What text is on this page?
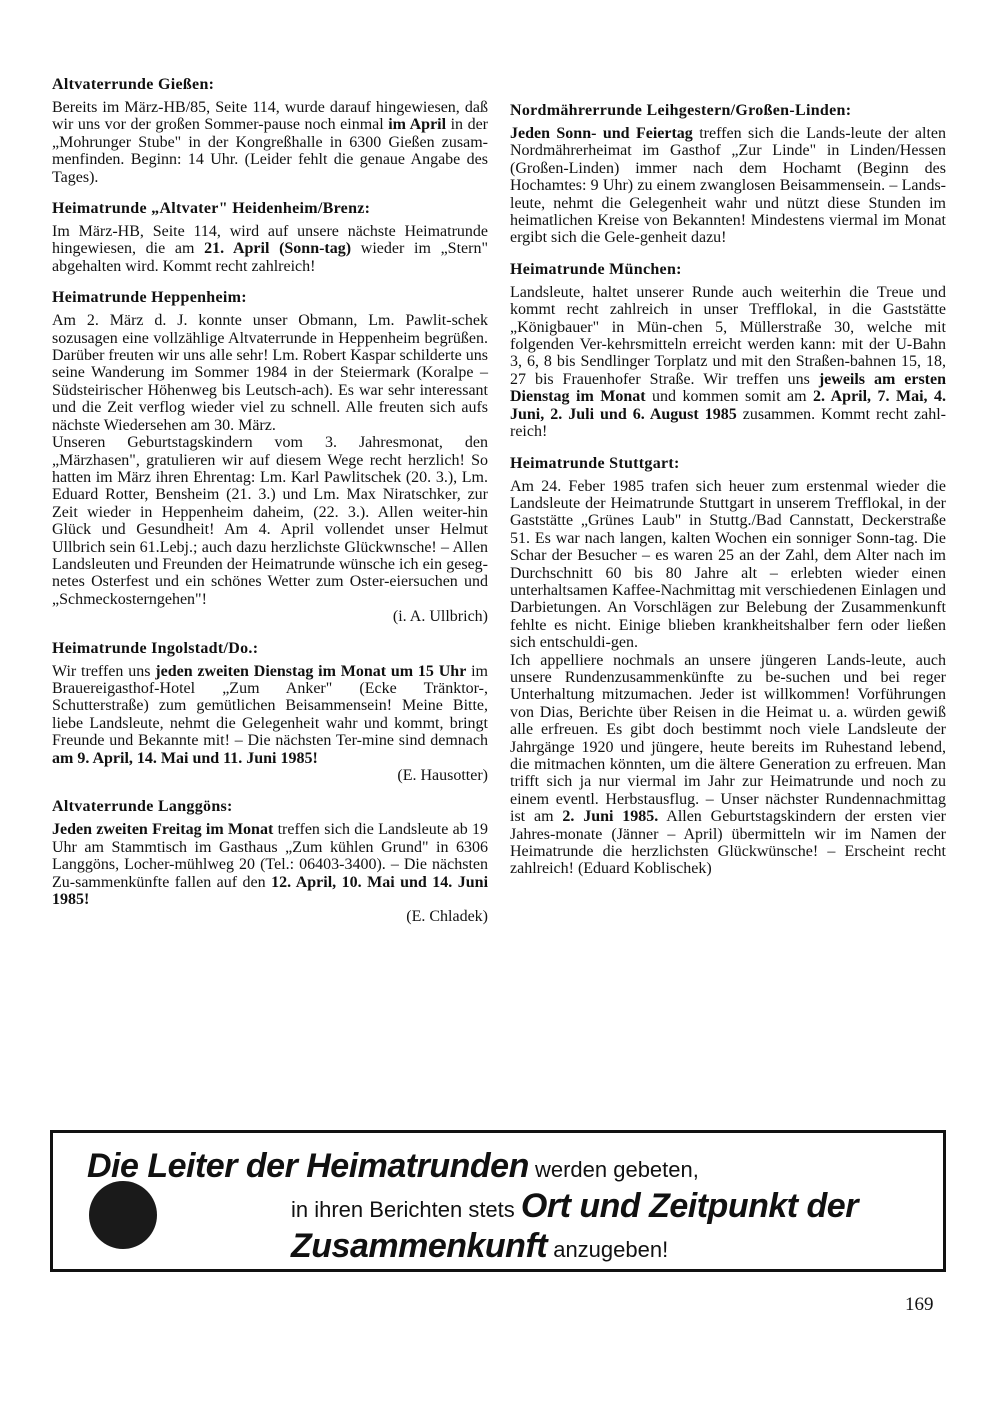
Altvaterrunde Gießen:

Bereits im März-HB/85, Seite 114, wurde darauf hingewiesen, daß wir uns vor der großen Sommer-pause noch einmal im April in der „Mohrunger Stube" in der Kongreßhalle in 6300 Gießen zusam-menfinden. Beginn: 14 Uhr. (Leider fehlt die genaue Angabe des Tages).

Heimatrunde „Altvater" Heidenheim/Brenz:

Im März-HB, Seite 114, wird auf unsere nächste Heimatrunde hingewiesen, die am 21. April (Sonn-tag) wieder im „Stern" abgehalten wird. Kommt recht zahlreich!

Heimatrunde Heppenheim:

Am 2. März d. J. konnte unser Obmann, Lm. Pawlit-schek sozusagen eine vollzählige Altvaterrunde in Heppenheim begrüßen. Darüber freuten wir uns alle sehr! Lm. Robert Kaspar schilderte uns seine Wanderung im Sommer 1984 in der Steiermark (Koralpe – Südsteirischer Höhenweg bis Leutsch-ach). Es war sehr interessant und die Zeit verflog wieder viel zu schnell. Alle freuten sich aufs nächste Wiedersehen am 30. März.

Unseren Geburtstagskindern vom 3. Jahresmonat, den „Märzhasen", gratulieren wir auf diesem Wege recht herzlich! So hatten im März ihren Ehrentag: Lm. Karl Pawlitschek (20. 3.), Lm. Eduard Rotter, Bensheim (21. 3.) und Lm. Max Niratschker, zur Zeit wieder in Heppenheim daheim, (22. 3.). Allen weiter-hin Glück und Gesundheit! Am 4. April vollendet unser Helmut Ullbrich sein 61.Lebj.; auch dazu herzlichste Glückwnsche! – Allen Landsleuten und Freunden der Heimatrunde wünsche ich ein geseg-netes Osterfest und ein schönes Wetter zum Oster-eiersuchen und „Schmeckosterngehen"!

(i. A. Ullbrich)
Heimatrunde Ingolstadt/Do.:

Wir treffen uns jeden zweiten Dienstag im Monat um 15 Uhr im Brauereigasthof-Hotel „Zum Anker" (Ecke Tränktor-, Schutterstraße) zum gemütlichen Beisammensein! Meine Bitte, liebe Landsleute, nehmt die Gelegenheit wahr und kommt, bringt Freunde und Bekannte mit! – Die nächsten Ter-mine sind demnach am 9. April, 14. Mai und 11. Juni 1985!

(E. Hausotter)
Altvaterrunde Langgöns:

Jeden zweiten Freitag im Monat treffen sich die Landsleute ab 19 Uhr am Stammtisch im Gasthaus „Zum kühlen Grund" in 6306 Langgöns, Locher-mühlweg 20 (Tel.: 06403-3400). – Die nächsten Zu-sammenkünfte fallen auf den 12. April, 10. Mai und 14. Juni 1985!

(E. Chladek)
Nordmährerrunde Leihgestern/Großen-Linden:

Jeden Sonn- und Feiertag treffen sich die Lands-leute der alten Nordmährerheimat im Gasthof „Zur Linde" in Linden/Hessen (Großen-Linden) immer nach dem Hochamt (Beginn des Hochamtes: 9 Uhr) zu einem zwanglosen Beisammensein. – Lands-leute, nehmt die Gelegenheit wahr und nützt diese Stunden im heimatlichen Kreise von Bekannten! Mindestens viermal im Monat ergibt sich die Gele-genheit dazu!

Heimatrunde München:

Landsleute, haltet unserer Runde auch weiterhin die Treue und kommt recht zahlreich in unser Trefflokal, in die Gaststätte „Königbauer" in Mün-chen 5, Müllerstraße 30, welche mit folgenden Ver-kehrsmitteln erreicht werden kann: mit der U-Bahn 3, 6, 8 bis Sendlinger Torplatz und mit den Straßen-bahnen 15, 18, 27 bis Frauenhofer Straße. Wir treffen uns jeweils am ersten Dienstag im Monat und kommen somit am 2. April, 7. Mai, 4. Juni, 2. Juli und 6. August 1985 zusammen. Kommt recht zahl-reich!

Heimatrunde Stuttgart:

Am 24. Feber 1985 trafen sich heuer zum erstenmal wieder die Landsleute der Heimatrunde Stuttgart in unserem Trefflokal, in der Gaststätte „Grünes Laub" in Stuttg./Bad Cannstatt, Deckerstraße 51. Es war nach langen, kalten Wochen ein sonniger Sonn-tag. Die Schar der Besucher – es waren 25 an der Zahl, dem Alter nach im Durchschnitt 60 bis 80 Jahre alt – erlebten wieder einen unterhaltsamen Kaffee-Nachmittag mit verschiedenen Einlagen und Darbietungen. An Vorschlägen zur Belebung der Zusammenkunft fehlte es nicht. Einige blieben krankheitshalber fern oder ließen sich entschuldi-gen.

Ich appelliere nochmals an unsere jüngeren Lands-leute, auch unsere Rundenzusammenkünfte zu be-suchen und bei reger Unterhaltung mitzumachen. Jeder ist willkommen! Vorführungen von Dias, Berichte über Reisen in die Heimat u. a. würden gewiß alle erfreuen. Es gibt doch bestimmt noch viele Landsleute der Jahrgänge 1920 und jüngere, heute bereits im Ruhestand lebend, die mitmachen könnten, um die ältere Generation zu erfreuen. Man trifft sich ja nur viermal im Jahr zur Heimatrunde und noch zu einem eventl. Herbstausflug. – Unser nächster Rundennachmittag ist am 2. Juni 1985. Allen Geburtstagskindern der ersten vier Jahres-monate (Jänner – April) übermitteln wir im Namen der Heimatrunde die herzlichsten Glückwünsche! – Erscheint recht zahlreich! (Eduard Koblischek)

Die Leiter der Heimatrunden werden gebeten,
in ihren Berichten stets Ort und Zeitpunkt der
Zusammenkunft anzugeben!
169
